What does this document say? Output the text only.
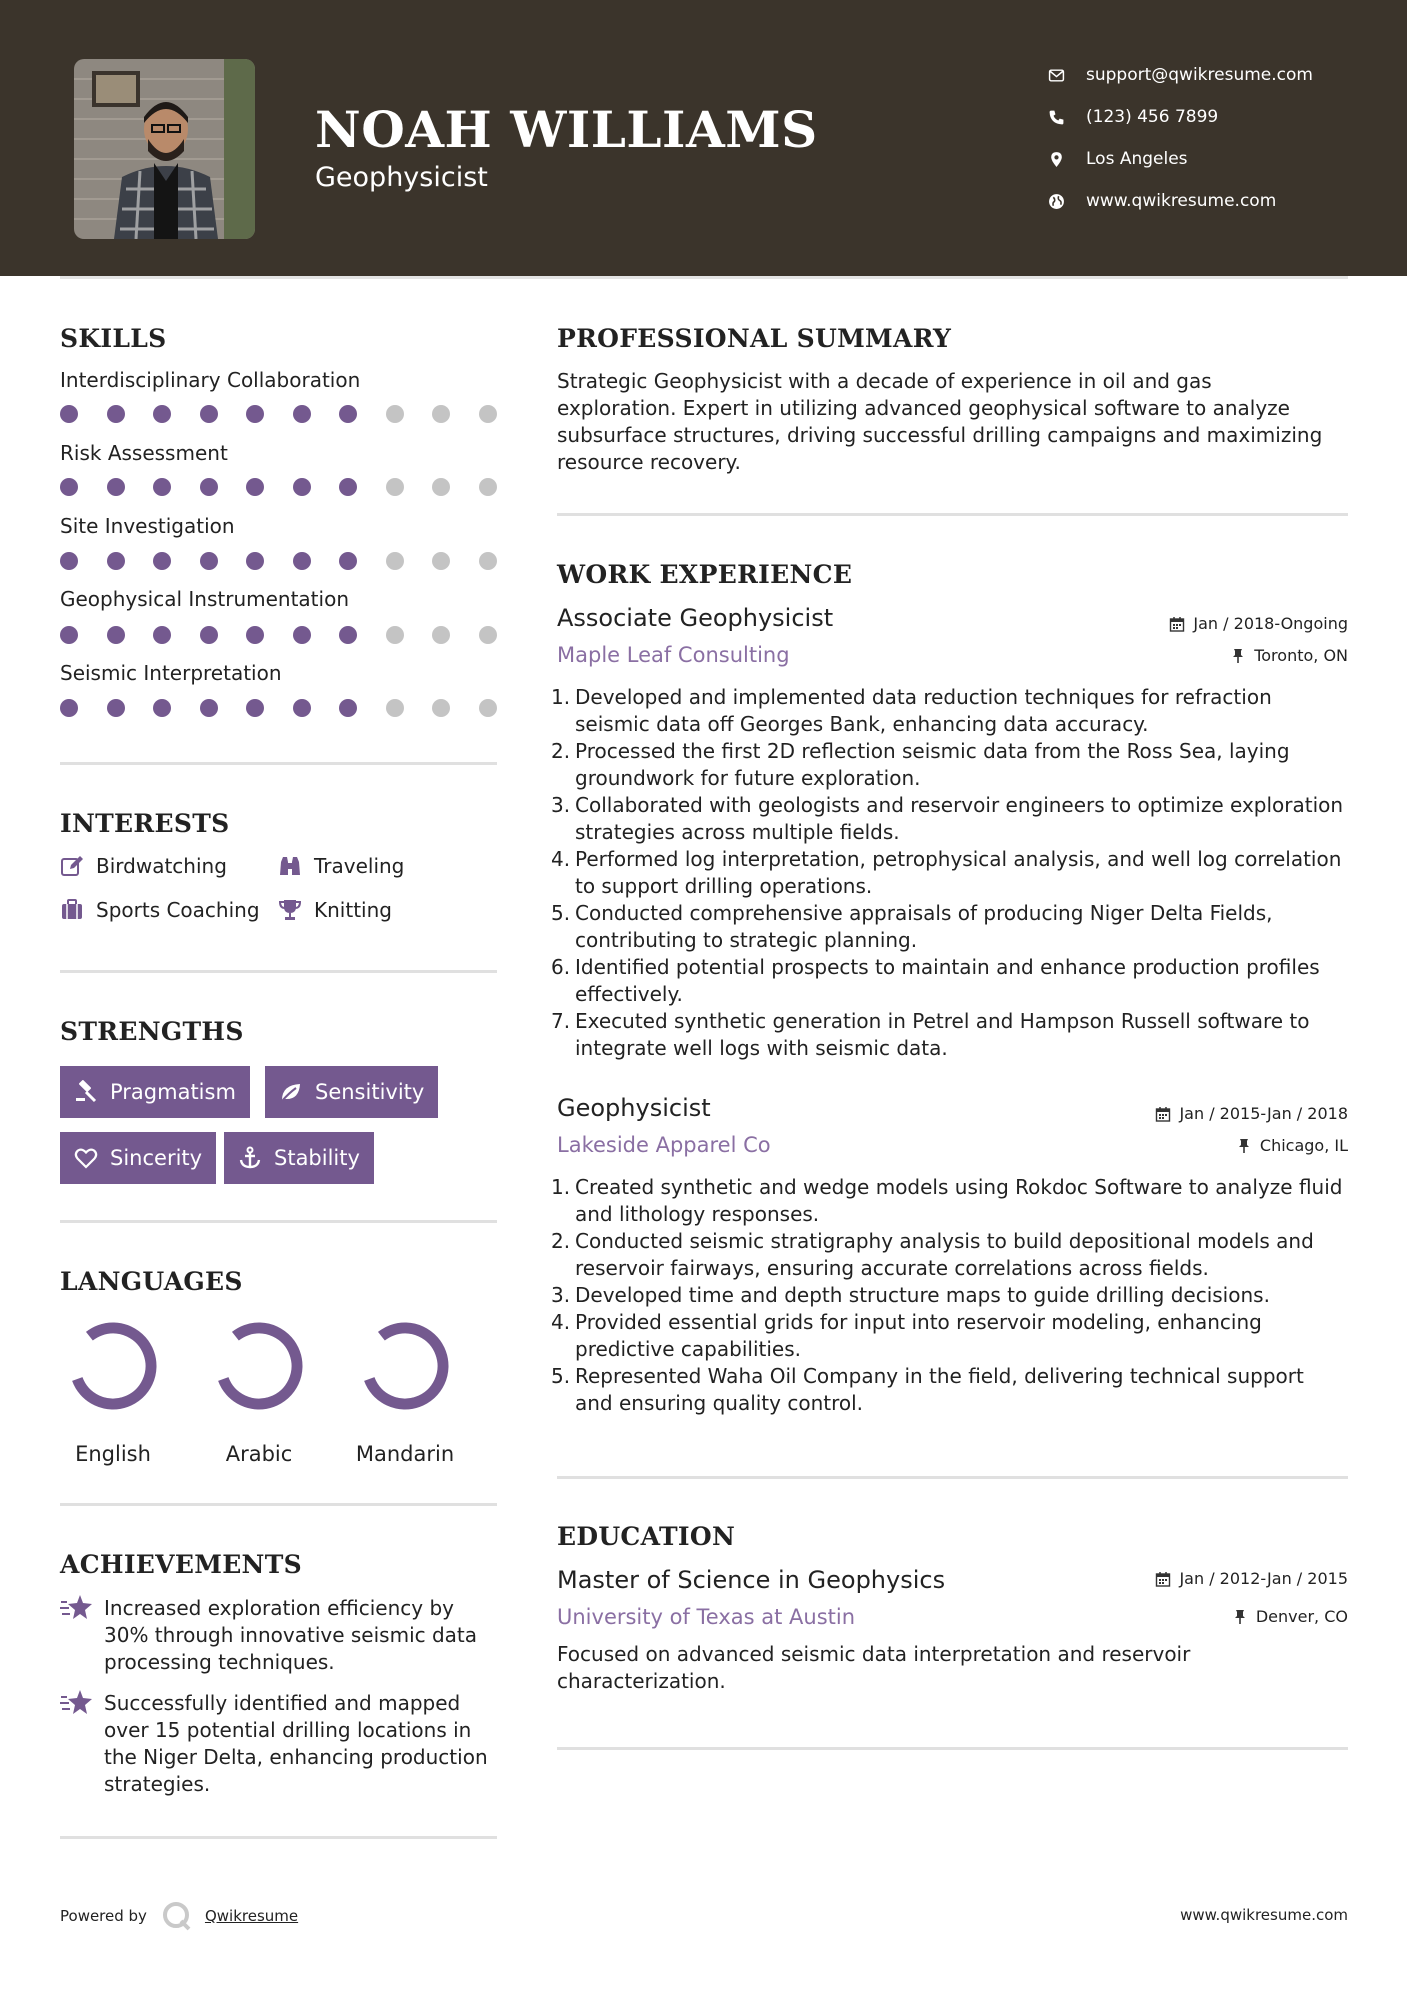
NOAH WILLIAMS
Geophysicist
support@qwikresume.com
(123) 456 7899
Los Angeles
www.qwikresume.com
SKILLS
Interdisciplinary Collaboration
Risk Assessment
Site Investigation
Geophysical Instrumentation
Seismic Interpretation
INTERESTS
Birdwatching	Traveling
Sports Coaching	Knitting
STRENGTHS
Pragmatism	Sensitivity
Sincerity	Stability
LANGUAGES
English	Arabic	Mandarin
ACHIEVEMENTS
Increased exploration efficiency by 30% through innovative seismic data processing techniques.
Successfully identified and mapped over 15 potential drilling locations in the Niger Delta, enhancing production strategies.
PROFESSIONAL SUMMARY
Strategic Geophysicist with a decade of experience in oil and gas exploration. Expert in utilizing advanced geophysical software to analyze subsurface structures, driving successful drilling campaigns and maximizing resource recovery.
WORK EXPERIENCE
Associate Geophysicist	Jan / 2018-Ongoing
Maple Leaf Consulting	Toronto, ON
Developed and implemented data reduction techniques for refraction seismic data off Georges Bank, enhancing data accuracy.
Processed the first 2D reflection seismic data from the Ross Sea, laying groundwork for future exploration.
Collaborated with geologists and reservoir engineers to optimize exploration strategies across multiple fields.
Performed log interpretation, petrophysical analysis, and well log correlation to support drilling operations.
Conducted comprehensive appraisals of producing Niger Delta Fields, contributing to strategic planning.
Identified potential prospects to maintain and enhance production profiles effectively.
Executed synthetic generation in Petrel and Hampson Russell software to integrate well logs with seismic data.
Geophysicist	Jan / 2015-Jan / 2018
Lakeside Apparel Co	Chicago, IL
Created synthetic and wedge models using Rokdoc Software to analyze fluid and lithology responses.
Conducted seismic stratigraphy analysis to build depositional models and reservoir fairways, ensuring accurate correlations across fields.
Developed time and depth structure maps to guide drilling decisions.
Provided essential grids for input into reservoir modeling, enhancing predictive capabilities.
Represented Waha Oil Company in the field, delivering technical support and ensuring quality control.
EDUCATION
Master of Science in Geophysics	Jan / 2012-Jan / 2015
University of Texas at Austin	Denver, CO
Focused on advanced seismic data interpretation and reservoir characterization.
Powered by	Qwikresume	www.qwikresume.com
